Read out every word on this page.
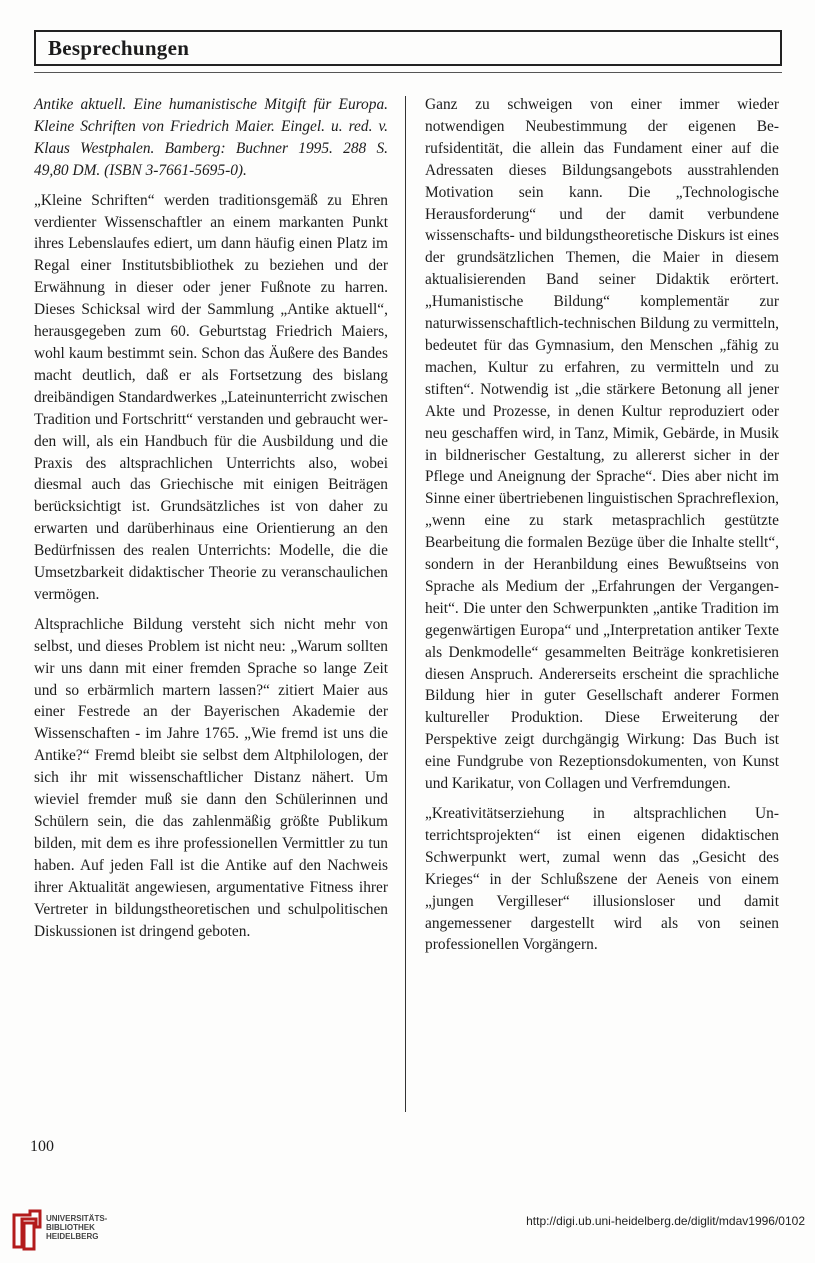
Besprechungen

Antike aktuell. Eine humanistische Mitgift für Europa. Kleine Schriften von Friedrich Maier. Eingel. u. red. v. Klaus Westphalen. Bamberg: Buchner 1995. 288 S. 49,80 DM. (ISBN 3-7661-5695-0).

„Kleine Schriften“ werden traditionsgemäß zu Ehren verdienter Wissenschaftler an einem markanten Punkt ihres Lebenslaufes ediert, um dann häufig einen Platz im Regal einer Institutsbibliothek zu beziehen und der Erwähnung in dieser oder jener Fußnote zu harren. Dieses Schicksal wird der Sammlung „Antike aktuell“, herausgegeben zum 60. Geburtstag Friedrich Maiers, wohl kaum bestimmt sein. Schon das Äußere des Bandes macht deutlich, daß er als Fortsetzung des bislang dreibändigen Standardwerkes „Lateinunterricht zwischen Tradition und Fortschritt“ verstanden und gebraucht werden will, als ein Handbuch für die Ausbildung und die Praxis des altsprachlichen Unterrichts also, wobei diesmal auch das Griechische mit einigen Beiträgen berücksichtigt ist. Grundsätzliches ist von daher zu erwarten und darüberhinaus eine Orientierung an den Bedürfnissen des realen Unterrichts: Modelle, die die Umsetzbarkeit didaktischer Theorie zu veranschaulichen vermögen.

Altsprachliche Bildung versteht sich nicht mehr von selbst, und dieses Problem ist nicht neu: „Warum sollten wir uns dann mit einer fremden Sprache so lange Zeit und so erbärmlich martern lassen?“ zitiert Maier aus einer Festrede an der Bayerischen Akademie der Wissenschaften - im Jahre 1765. „Wie fremd ist uns die Antike?“ Fremd bleibt sie selbst dem Altphilologen, der sich ihr mit wissenschaftlicher Distanz nähert. Um wieviel fremder muß sie dann den Schülerinnen und Schülern sein, die das zahlenmäßig größte Publikum bilden, mit dem es ihre professionellen Vermittler zu tun haben. Auf jeden Fall ist die Antike auf den Nachweis ihrer Aktualität angewiesen, argumentative Fitness ihrer Vertreter in bildungstheoretischen und schulpolitischen Diskussionen ist dringend geboten.

Ganz zu schweigen von einer immer wieder notwendigen Neubestimmung der eigenen Berufsidentität, die allein das Fundament einer auf die Adressaten dieses Bildungsangebots ausstrahlenden Motivation sein kann. Die „Technologische Herausforderung“ und der damit verbundene wissenschafts- und bildungstheoretische Diskurs ist eines der grundsätzlichen Themen, die Maier in diesem aktualisierenden Band seiner Didaktik erörtert. „Humanistische Bildung“ komplementär zur naturwissenschaftlich-technischen Bildung zu vermitteln, bedeutet für das Gymnasium, den Menschen „fähig zu machen, Kultur zu erfahren, zu vermitteln und zu stiften“. Notwendig ist „die stärkere Betonung all jener Akte und Prozesse, in denen Kultur reproduziert oder neu geschaffen wird, in Tanz, Mimik, Gebärde, in Musik in bildnerischer Gestaltung, zu allererst sicher in der Pflege und Aneignung der Sprache“. Dies aber nicht im Sinne einer übertriebenen linguistischen Sprachreflexion, „wenn eine zu stark metasprachlich gestützte Bearbeitung die formalen Bezüge über die Inhalte stellt“, sondern in der Heranbildung eines Bewußtseins von Sprache als Medium der „Erfahrungen der Vergangenheit“. Die unter den Schwerpunkten „antike Tradition im gegenwärtigen Europa“ und „Interpretation antiker Texte als Denkmodelle“ gesammelten Beiträge konkretisieren diesen Anspruch. Andererseits erscheint die sprachliche Bildung hier in guter Gesellschaft anderer Formen kultureller Produktion. Diese Erweiterung der Perspektive zeigt durchgängig Wirkung: Das Buch ist eine Fundgrube von Rezeptionsdokumenten, von Kunst und Karikatur, von Collagen und Verfremdungen.

„Kreativitätserziehung in altsprachlichen Unterrichtsprojekten“ ist einen eigenen didaktischen Schwerpunkt wert, zumal wenn das „Gesicht des Krieges“ in der Schlußszene der Aeneis von einem „jungen Vergilleser“ illusionsloser und damit angemessener dargestellt wird als von seinen professionellen Vorgängern.

100
UNIVERSITÄTS-
BIBLIOTHEK
HEIDELBERG
http://digi.ub.uni-heidelberg.de/diglit/mdav1996/0102
